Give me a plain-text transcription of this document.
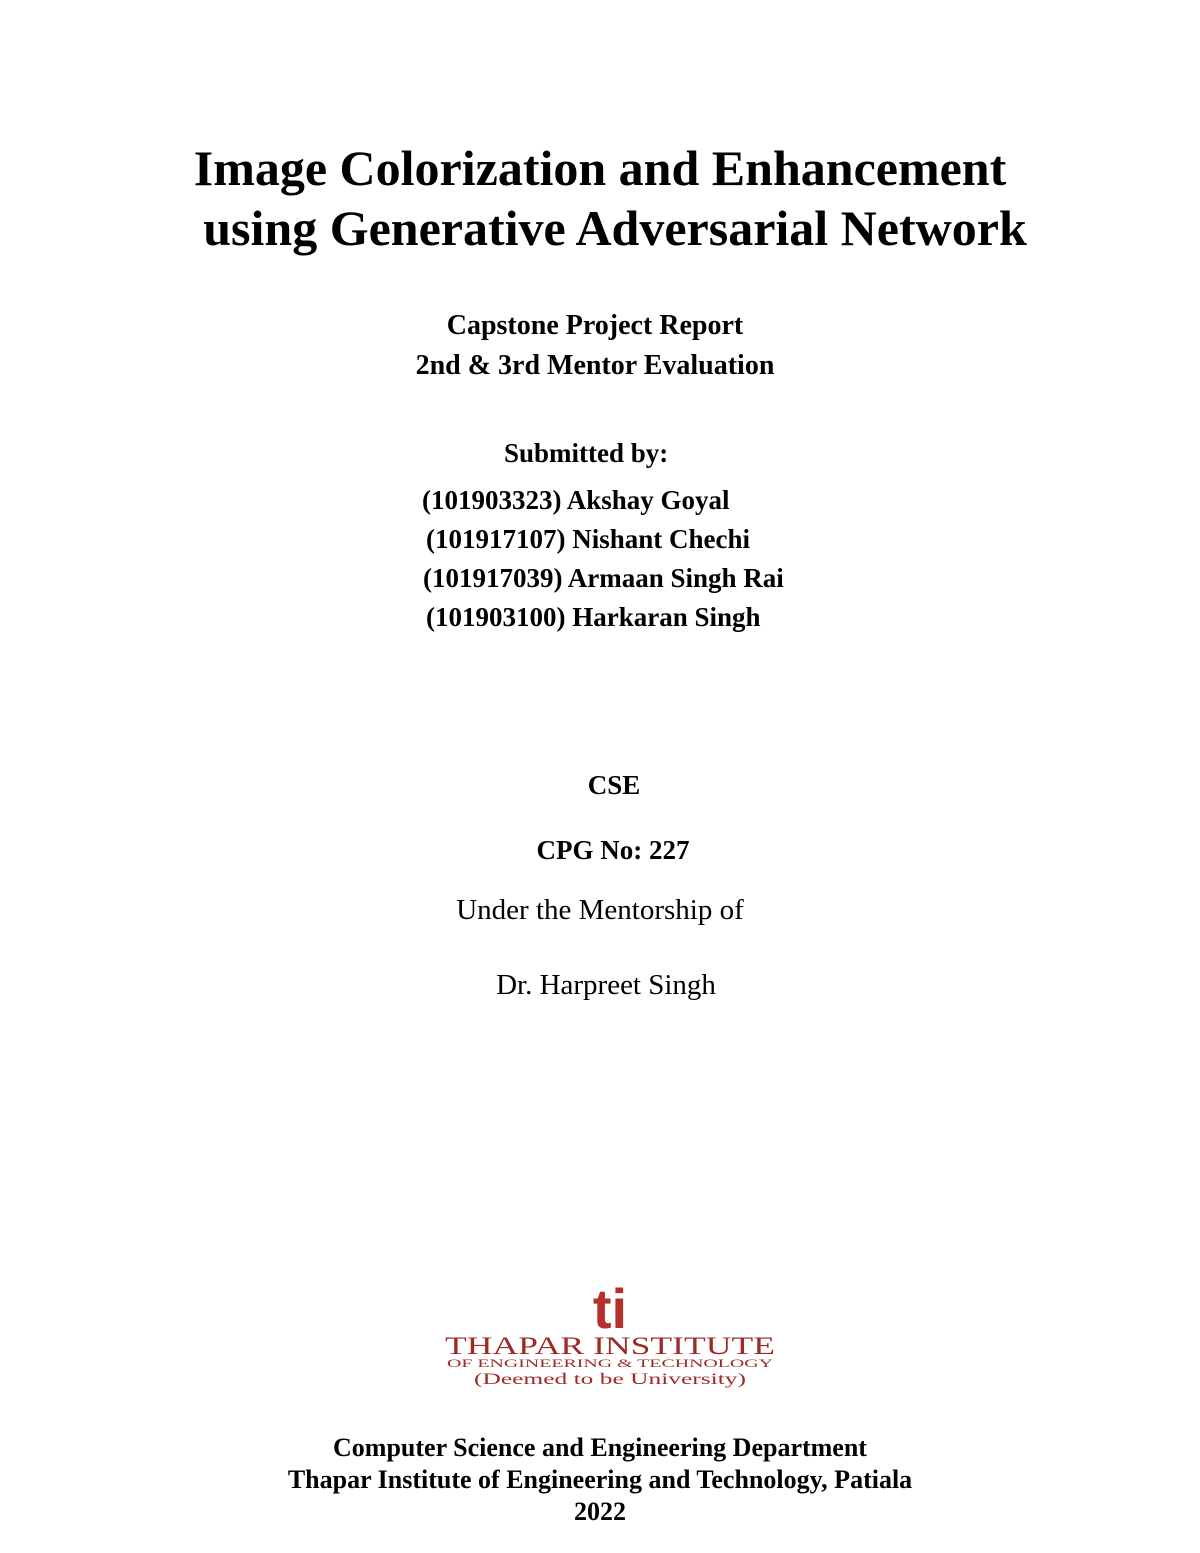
Image Colorization and Enhancement

using Generative Adversarial Network
Capstone Project Report
2nd & 3rd Mentor Evaluation
Submitted by:
(101903323) Akshay Goyal
(101917107) Nishant Chechi
(101917039) Armaan Singh Rai
(101903100) Harkaran Singh
CSE
CPG No: 227
Under the Mentorship of
Dr. Harpreet Singh
ti
THAPAR INSTITUTE
OF ENGINEERING & TECHNOLOGY
(Deemed to be University)
Computer Science and Engineering Department
Thapar Institute of Engineering and Technology, Patiala
2022
